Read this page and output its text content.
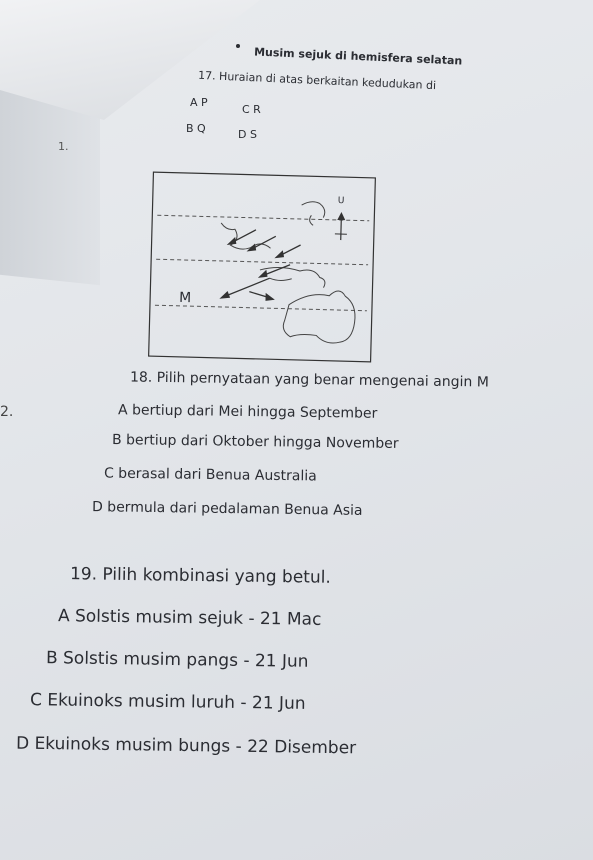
Musim sejuk di hemisfera selatan
17. Huraian di atas berkaitan kedudukan di
A P
C R
B Q	D S
1.
2.
U
M
18. Pilih pernyataan yang benar mengenai angin M
A bertiup dari Mei hingga September
B bertiup dari Oktober hingga November
C berasal dari Benua Australia
D bermula dari pedalaman Benua Asia
19. Pilih kombinasi yang betul.
A Solstis musim sejuk - 21 Mac
B Solstis musim pangs - 21 Jun
C Ekuinoks musim luruh - 21 Jun
D Ekuinoks musim bungs - 22 Disember
